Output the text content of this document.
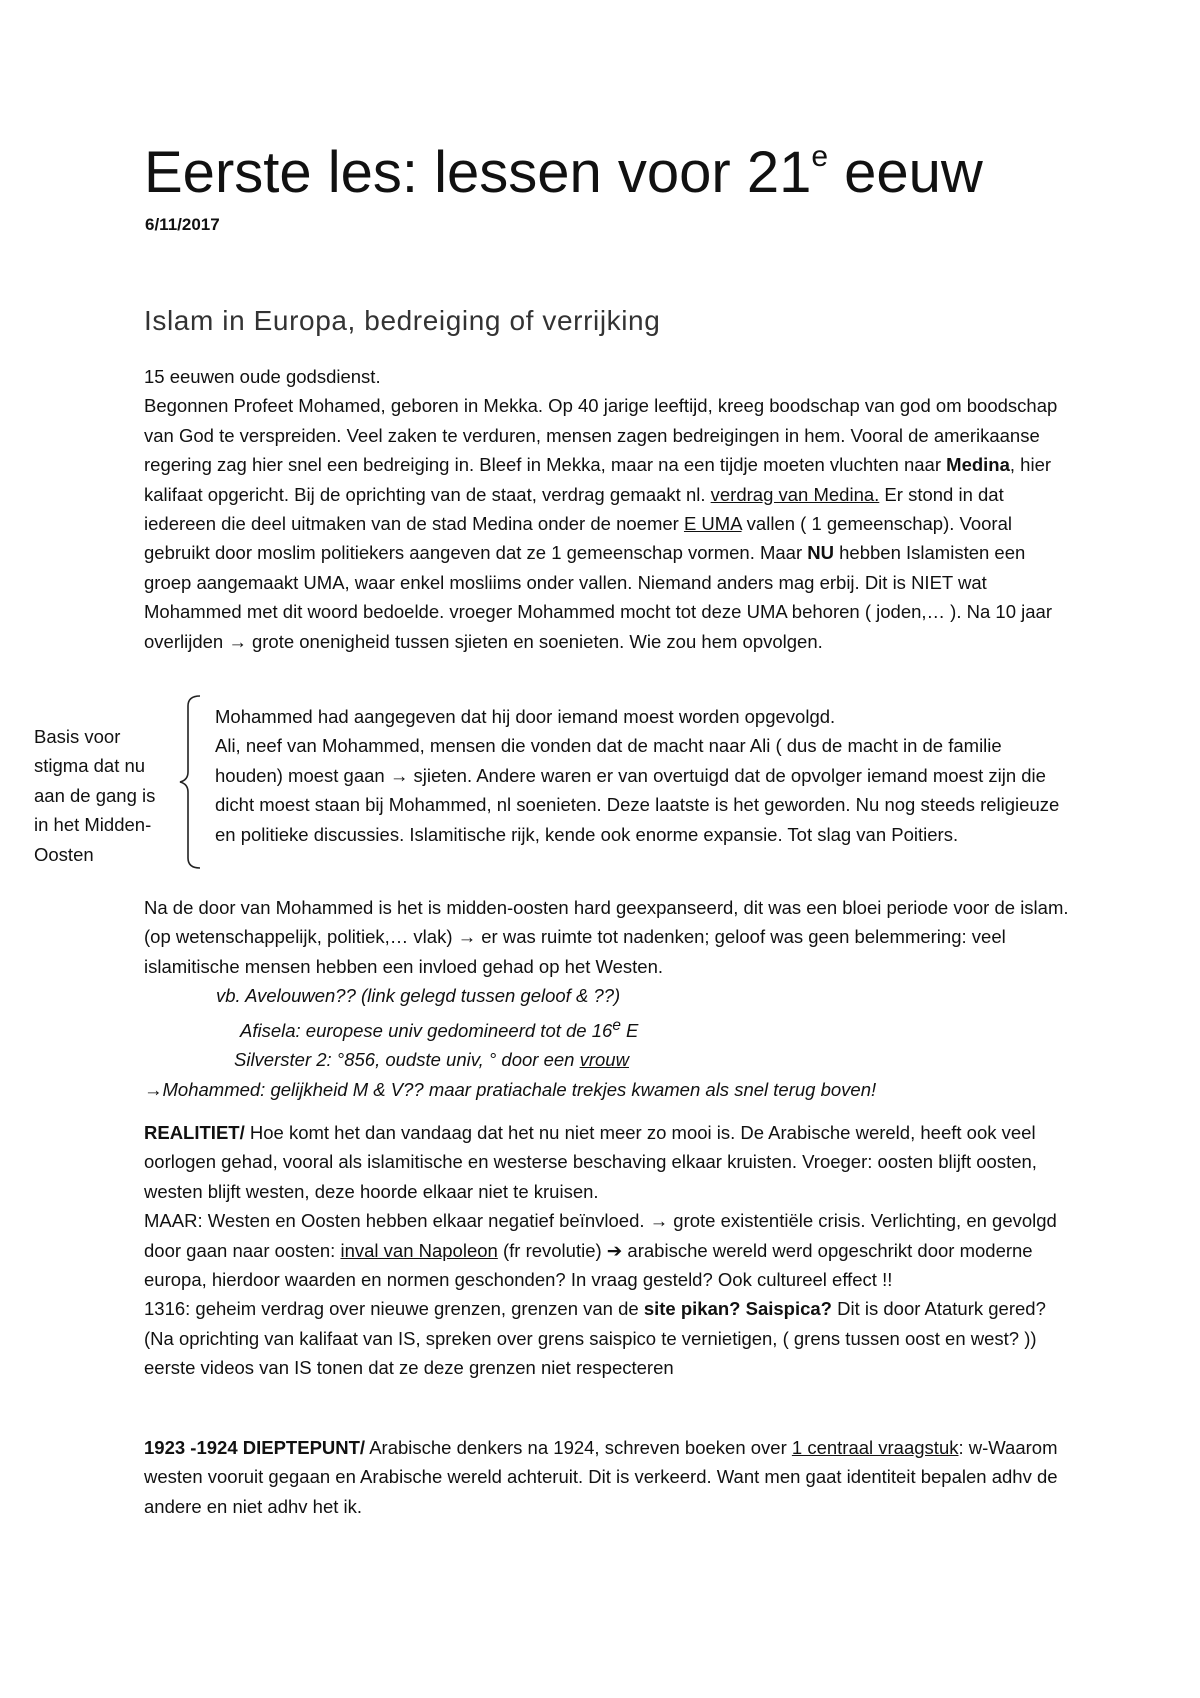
Eerste les: lessen voor 21e eeuw
6/11/2017
Islam in Europa, bedreiging of verrijking

15 eeuwen oude godsdienst.

Begonnen Profeet Mohamed, geboren in Mekka. Op 40 jarige leeftijd, kreeg boodschap van god om boodschap van God te verspreiden. Veel zaken te verduren, mensen zagen bedreigingen in hem. Vooral de amerikaanse regering zag hier snel een bedreiging in. Bleef in Mekka, maar na een tijdje moeten vluchten naar Medina, hier kalifaat opgericht. Bij de oprichting van de staat, verdrag gemaakt nl. verdrag van Medina. Er stond in dat iedereen die deel uitmaken van de stad Medina onder de noemer E UMA vallen ( 1 gemeenschap). Vooral gebruikt door moslim politiekers aangeven dat ze 1 gemeenschap vormen. Maar NU hebben Islamisten een groep aangemaakt UMA, waar enkel mosliims onder vallen. Niemand anders mag erbij. Dit is NIET wat Mohammed met dit woord bedoelde. vroeger Mohammed mocht tot deze UMA behoren ( joden,… ). Na 10 jaar overlijden → grote onenigheid tussen sjieten en soenieten. Wie zou hem opvolgen.

Basis voor stigma dat nu aan de gang is in het Midden-Oosten

Mohammed had aangegeven dat hij door iemand moest worden opgevolgd.

Ali, neef van Mohammed, mensen die vonden dat de macht naar Ali ( dus de macht in de familie houden) moest gaan → sjieten. Andere waren er van overtuigd dat de opvolger iemand moest zijn die dicht moest staan bij Mohammed, nl soenieten. Deze laatste is het geworden. Nu nog steeds religieuze en politieke discussies. Islamitische rijk, kende ook enorme expansie. Tot slag van Poitiers.

Na de door van Mohammed is het is midden-oosten hard geexpanseerd, dit was een bloei periode voor de islam. (op wetenschappelijk, politiek,… vlak) → er was ruimte tot nadenken; geloof was geen belemmering: veel islamitische mensen hebben een invloed gehad op het Westen.

vb. Avelouwen?? (link gelegd tussen geloof & ??)

Afisela: europese univ gedomineerd tot de 16e E

Silverster 2: °856, oudste univ, ° door een vrouw

→Mohammed: gelijkheid M & V?? maar pratiachale trekjes kwamen als snel terug boven!

REALITIET/ Hoe komt het dan vandaag dat het nu niet meer zo mooi is. De Arabische wereld, heeft ook veel oorlogen gehad, vooral als islamitische en westerse beschaving elkaar kruisten. Vroeger: oosten blijft oosten, westen blijft westen, deze hoorde elkaar niet te kruisen.

MAAR: Westen en Oosten hebben elkaar negatief beïnvloed. → grote existentiële crisis. Verlichting, en gevolgd door gaan naar oosten: inval van Napoleon (fr revolutie) ➔ arabische wereld werd opgeschrikt door moderne europa, hierdoor waarden en normen geschonden? In vraag gesteld? Ook cultureel effect !!

1316: geheim verdrag over nieuwe grenzen, grenzen van de site pikan? Saispica? Dit is door Ataturk gered? (Na oprichting van kalifaat van IS, spreken over grens saispico te vernietigen, ( grens tussen oost en west? )) eerste videos van IS tonen dat ze deze grenzen niet respecteren

1923 -1924 DIEPTEPUNT/ Arabische denkers na 1924, schreven boeken over 1 centraal vraagstuk: w-Waarom westen vooruit gegaan en Arabische wereld achteruit. Dit is verkeerd. Want men gaat identiteit bepalen adhv de andere en niet adhv het ik.
